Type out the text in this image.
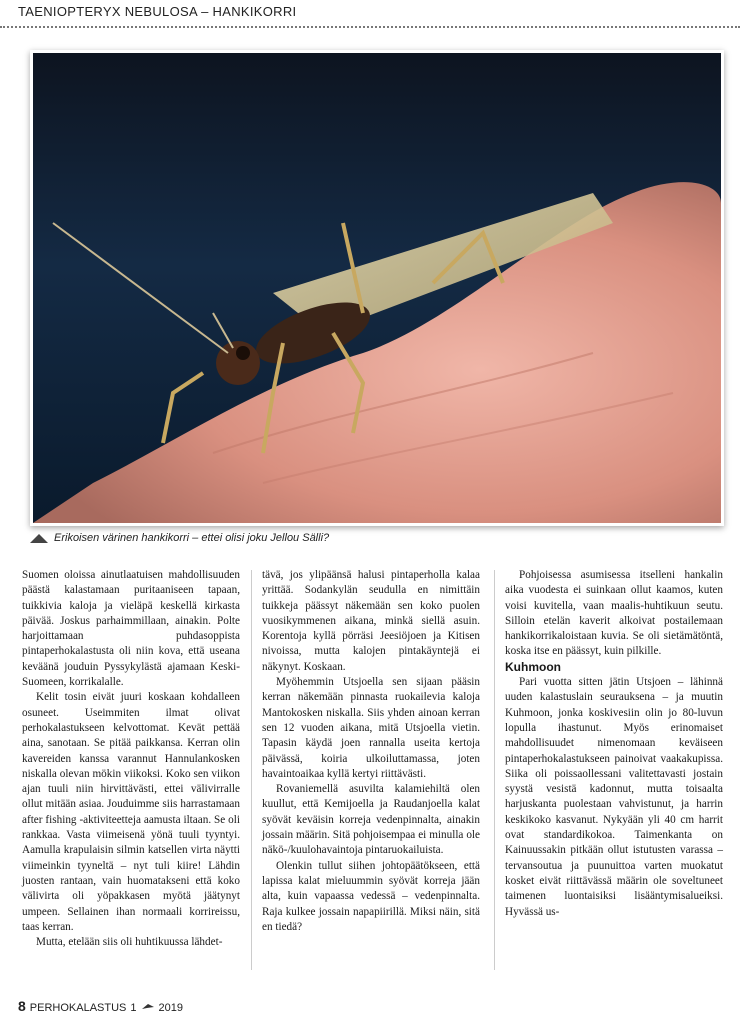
TAENIOPTERYX NEBULOSA – HANKIKORRI
Erikoisen värinen hankikorri – ettei olisi joku Jellou Sälli?

Suomen oloissa ainutlaatuisen mahdollisuuden päästä kalastamaan puritaaniseen tapaan, tuikkivia kaloja ja vieläpä keskellä kirkasta päivää. Joskus parhaimmillaan, ainakin. Polte harjoittamaan puhdasoppista pintaperhokalastusta oli niin kova, että useana keväänä jouduin Pyssykylästä ajamaan Keski-Suomeen, korrikalalle.

Kelit tosin eivät juuri koskaan kohdalleen osuneet. Useimmiten ilmat olivat perhokalastukseen kelvottomat. Kevät pettää aina, sanotaan. Se pitää paikkansa. Kerran olin kavereiden kanssa varannut Hannulankosken niskalla olevan mökin viikoksi. Koko sen viikon ajan tuuli niin hirvittävästi, ettei välivirralle ollut mitään asiaa. Jouduimme siis harrastamaan after fishing -aktiviteetteja aamusta iltaan. Se oli rankkaa. Vasta viimeisenä yönä tuuli tyyntyi. Aamulla krapulaisin silmin katsellen virta näytti viimeinkin tyyneltä – nyt tuli kiire! Lähdin juosten rantaan, vain huomatakseni että koko välivirta oli yöpakkasen myötä jäätynyt umpeen. Sellainen ihan normaali korrireissu, taas kerran.

Mutta, etelään siis oli huhtikuussa lähdet-

tävä, jos ylipäänsä halusi pintaperholla kalaa yrittää. Sodankylän seudulla en nimittäin tuikkeja päässyt näkemään sen koko puolen vuosikymmenen aikana, minkä siellä asuin. Korentoja kyllä pörräsi Jeesiöjoen ja Kitisen nivoissa, mutta kalojen pintakäyntejä ei näkynyt. Koskaan.

Myöhemmin Utsjoella sen sijaan pääsin kerran näkemään pinnasta ruokailevia kaloja Mantokosken niskalla. Siis yhden ainoan kerran sen 12 vuoden aikana, mitä Utsjoella vietin. Tapasin käydä joen rannalla useita kertoja päivässä, koiria ulkoiluttamassa, joten havaintoaikaa kyllä kertyi riittävästi.

Rovaniemellä asuvilta kalamiehiltä olen kuullut, että Kemijoella ja Raudanjoella kalat syövät keväisin korreja vedenpinnalta, ainakin jossain määrin. Sitä pohjoisempaa ei minulla ole näkö-/kuulohavaintoja pintaruokailuista.

Olenkin tullut siihen johtopäätökseen, että lapissa kalat mieluummin syövät korreja jään alta, kuin vapaassa vedessä – vedenpinnalta. Raja kulkee jossain napapiirillä. Miksi näin, sitä en tiedä?

Pohjoisessa asumisessa itselleni hankalin aika vuodesta ei suinkaan ollut kaamos, kuten voisi kuvitella, vaan maalis-huhtikuun seutu. Silloin etelän kaverit alkoivat postailemaan hankikorrikaloistaan kuvia. Se oli sietämätöntä, koska itse en päässyt, kuin pilkille.

Kuhmoon

Pari vuotta sitten jätin Utsjoen – lähinnä uuden kalastuslain seurauksena – ja muutin Kuhmoon, jonka koskivesiin olin jo 80-luvun lopulla ihastunut. Myös erinomaiset mahdollisuudet nimenomaan keväiseen pintaperhokalastukseen painoivat vaakakupissa. Siika oli poissaollessani valitettavasti jostain syystä vesistä kadonnut, mutta toisaalta harjuskanta puolestaan vahvistunut, ja harrin keskikoko kasvanut. Nykyään yli 40 cm harrit ovat standardikokoa. Taimenkanta on Kainuussakin pitkään ollut istutusten varassa – tervansoutua ja puunuittoa varten muokatut kosket eivät riittävässä määrin ole soveltuneet taimenen luontaisiksi lisääntymisalueiksi. Hyvässä us-

8 PERHOKALASTUS 1 2019
